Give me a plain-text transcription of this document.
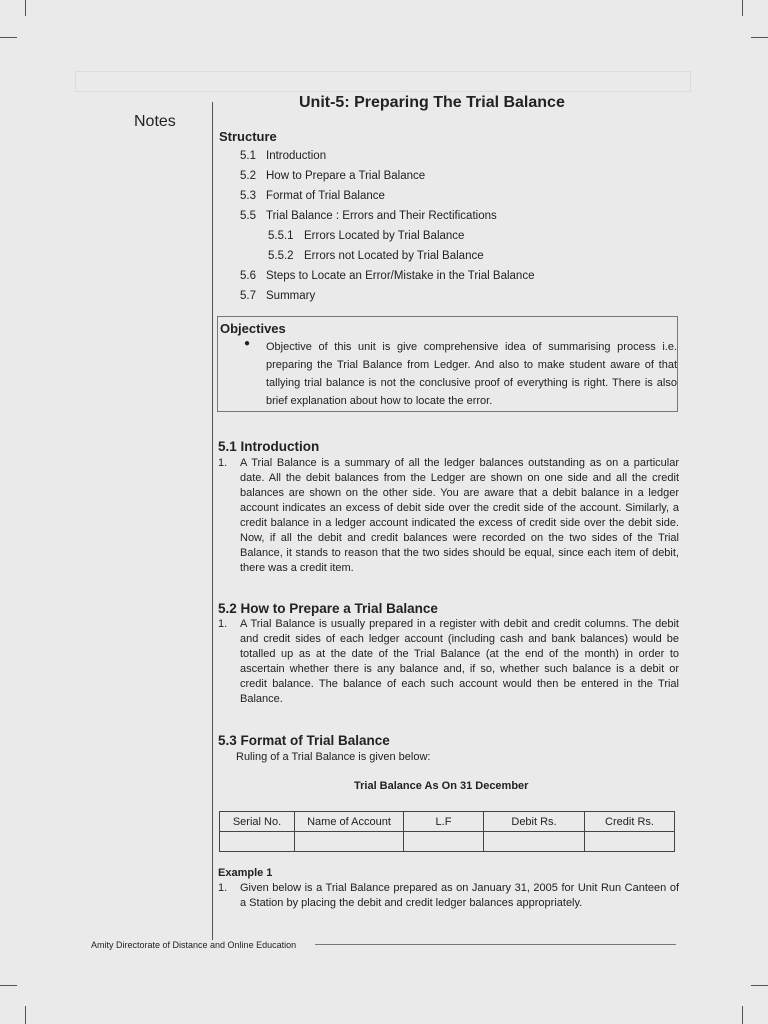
Notes
Unit-5: Preparing The Trial Balance
Structure
5.1 Introduction
5.2 How to Prepare a Trial Balance
5.3 Format of Trial Balance
5.5 Trial Balance : Errors and Their Rectifications
5.5.1 Errors Located by Trial Balance
5.5.2 Errors not Located by Trial Balance
5.6 Steps to Locate an Error/Mistake in the Trial Balance
5.7 Summary
Objectives
● Objective of this unit is give comprehensive idea of summarising process i.e. preparing the Trial Balance from Ledger. And also to make student aware of that tallying trial balance is not the conclusive proof of everything is right. There is also brief explanation about how to locate the error.
5.1 Introduction
1.	A Trial Balance is a summary of all the ledger balances outstanding as on a particular date. All the debit balances from the Ledger are shown on one side and all the credit balances are shown on the other side. You are aware that a debit balance in a ledger account indicates an excess of debit side over the credit side of the account. Similarly, a credit balance in a ledger account indicated the excess of credit side over the debit side. Now, if all the debit and credit balances were recorded on the two sides of the Trial Balance, it stands to reason that the two sides should be equal, since each item of debit, there was a credit item.
5.2 How to Prepare a Trial Balance
1.	A Trial Balance is usually prepared in a register with debit and credit columns. The debit and credit sides of each ledger account (including cash and bank balances) would be totalled up as at the date of the Trial Balance (at the end of the month) in order to ascertain whether there is any balance and, if so, whether such balance is a debit or credit balance. The balance of each such account would then be entered in the Trial Balance.
5.3 Format of Trial Balance
Ruling of a Trial Balance is given below:
Trial Balance As On 31 December
Serial No.	Name of Account	L.F	Debit Rs.	Credit Rs.

Example 1
1.	Given below is a Trial Balance prepared as on January 31, 2005 for Unit Run Canteen of a Station by placing the debit and credit ledger balances appropriately.
Amity Directorate of Distance and Online Education
